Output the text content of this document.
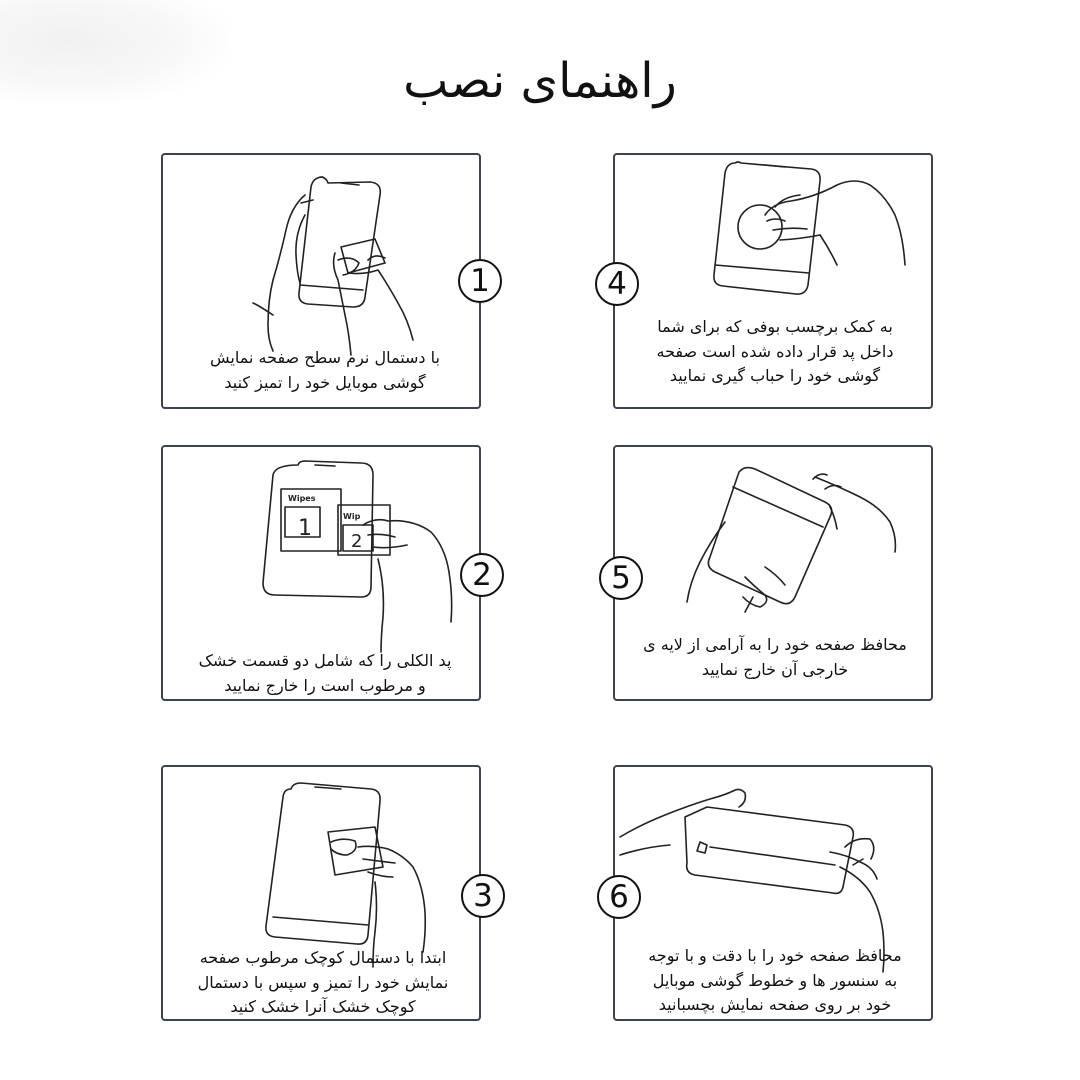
راهنمای نصب
1
با دستمال نرم سطح صفحه نمایش
گوشی موبایل خود را تمیز کنید
4
به کمک برچسب بوفی که برای شما
داخل پد قرار داده شده است صفحه
گوشی خود را حباب گیری نمایید
Wipes
Wip
1
2
2
پد الکلی را که شامل دو قسمت خشک
و مرطوب است را خارج نمایید
5
محافظ صفحه خود را به آرامی از لایه ی
خارجی آن خارج نمایید
3
ابتدا با دستمال کوچک مرطوب صفحه
نمایش خود را تمیز و سپس با دستمال
کوچک خشک آنرا خشک کنید
6
محافظ صفحه خود را با دقت و با توجه
به سنسور ها و خطوط گوشی موبایل
خود بر روی صفحه نمایش بچسبانید
